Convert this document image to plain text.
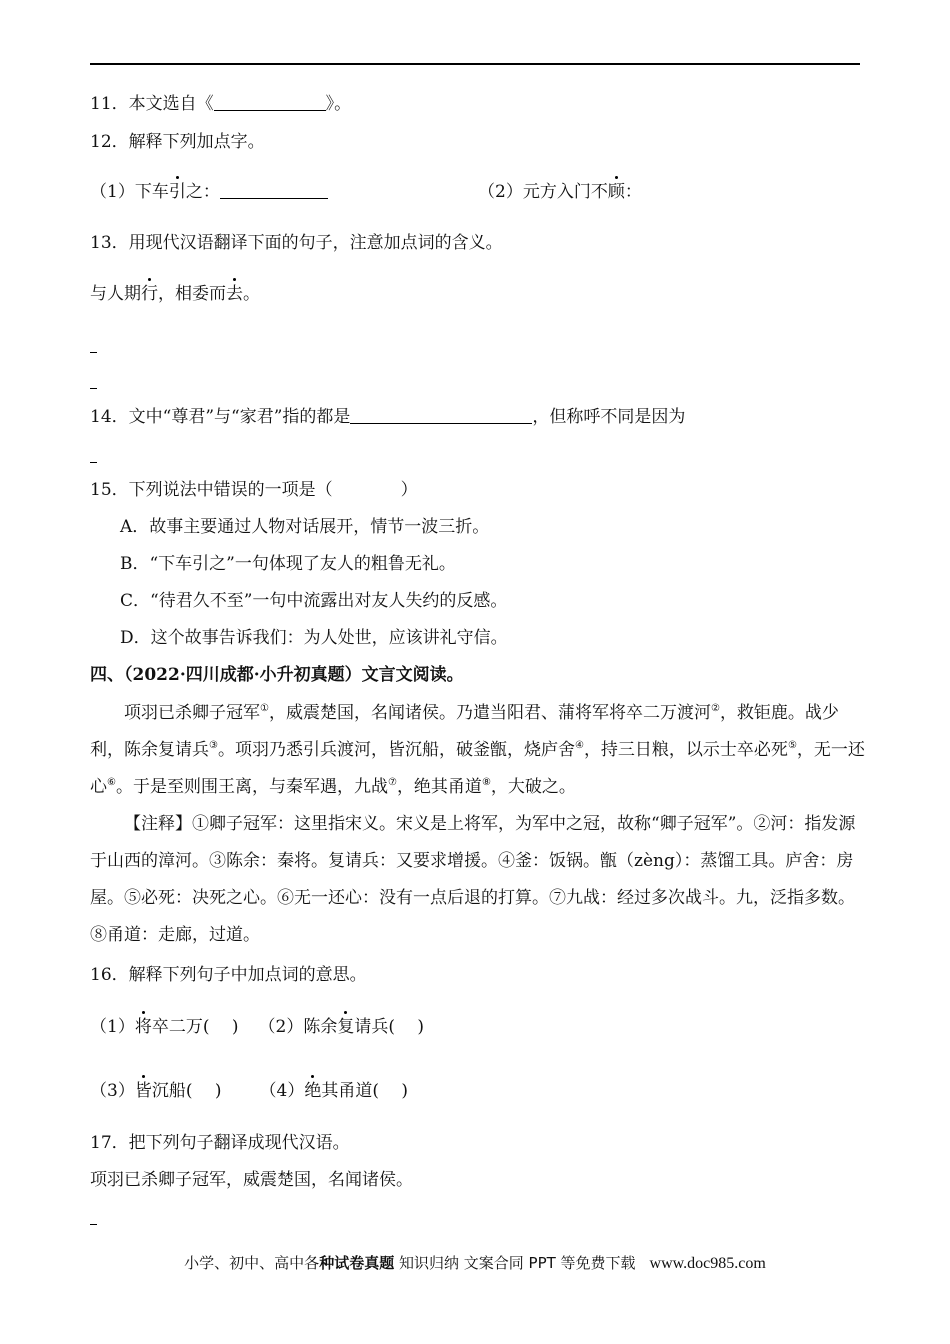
11．本文选自《	》。
12．解释下列加点字。
（1）下车引之：	（2）元方入门不顾：
13．用现代汉语翻译下面的句子，注意加点词的含义。
与人期行，相委而去。
14．文中“尊君”与“家君”指的都是	，但称呼不同是因为
15．下列说法中错误的一项是（　　　　）
A．故事主要通过人物对话展开，情节一波三折。
B．“下车引之”一句体现了友人的粗鲁无礼。
C．“待君久不至”一句中流露出对友人失约的反感。
D．这个故事告诉我们：为人处世，应该讲礼守信。
四、（2022·四川成都·小升初真题）文言文阅读。

项羽已杀卿子冠军①，威震楚国，名闻诸侯。乃遣当阳君、蒲将军将卒二万渡河②，救钜鹿。战少利，陈余复请兵③。项羽乃悉引兵渡河，皆沉船，破釜甑，烧庐舍④，持三日粮，以示士卒必死⑤，无一还心⑥。于是至则围王离，与秦军遇，九战⑦，绝其甬道⑧，大破之。

【注释】①卿子冠军：这里指宋义。宋义是上将军，为军中之冠，故称“卿子冠军”。②河：指发源于山西的漳河。③陈余：秦将。复请兵：又要求增援。④釜：饭锅。甑（zèng）：蒸馏工具。庐舍：房屋。⑤必死：决死之心。⑥无一还心：没有一点后退的打算。⑦九战：经过多次战斗。九，泛指多数。⑧甬道：走廊，过道。

16．解释下列句子中加点词的意思。
（1）将卒二万(　 ) （2）陈余复请兵(　 )
（3）皆沉船(　 ) （4）绝其甬道(　 )
17．把下列句子翻译成现代汉语。
项羽已杀卿子冠军，威震楚国，名闻诸侯。
小学、初中、高中各种试卷真题 知识归纳 文案合同 PPT 等免费下载 www.doc985.com
